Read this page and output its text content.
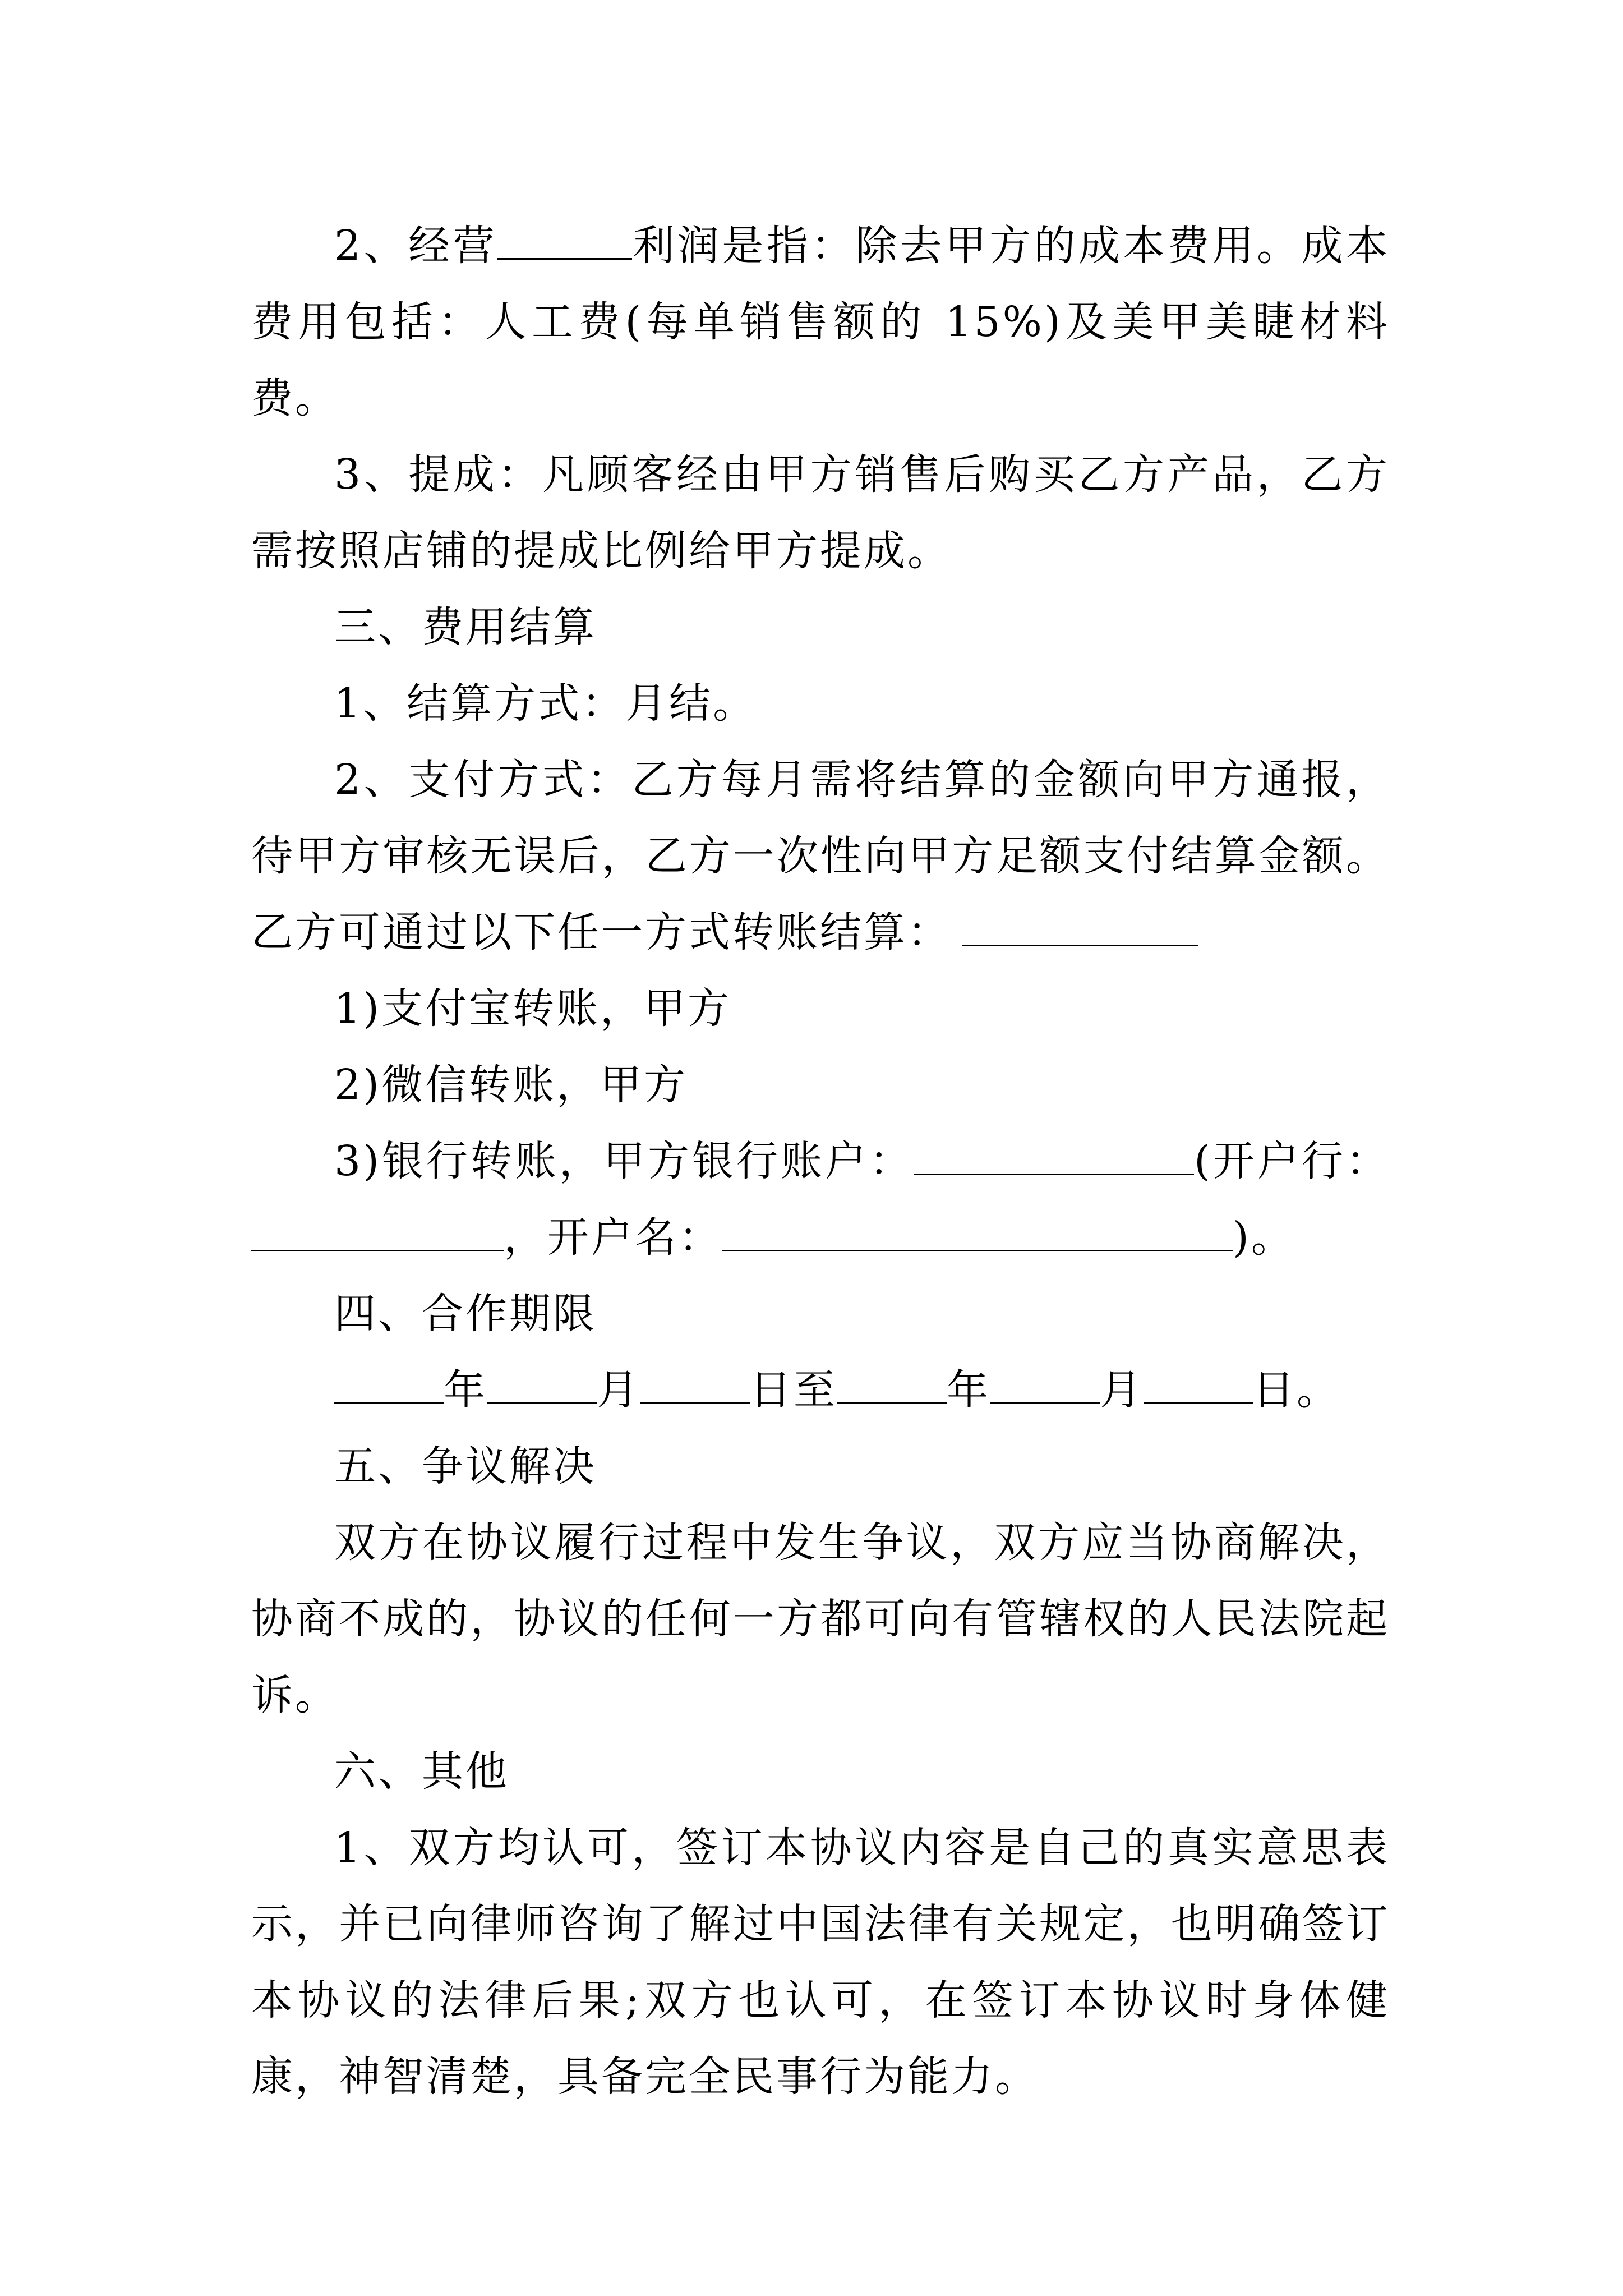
2、经营	利润是指：除去甲方的成本费用。成本费用包括：人工费(每单销售额的 15%)及美甲美睫材料费。

3、提成：凡顾客经由甲方销售后购买乙方产品，乙方需按照店铺的提成比例给甲方提成。

三、费用结算

1、结算方式：月结。

2、支付方式：乙方每月需将结算的金额向甲方通报，待甲方审核无误后，乙方一次性向甲方足额支付结算金额。乙方可通过以下任一方式转账结算：

1)支付宝转账，甲方

2)微信转账，甲方

3)银行转账，甲方银行账户：	(开户行：，开户名：	)。

四、合作期限

年	月	日至	年	月	日。

五、争议解决

双方在协议履行过程中发生争议，双方应当协商解决，协商不成的，协议的任何一方都可向有管辖权的人民法院起诉。

六、其他

1、双方均认可，签订本协议内容是自己的真实意思表示，并已向律师咨询了解过中国法律有关规定，也明确签订本协议的法律后果;双方也认可，在签订本协议时身体健康，神智清楚，具备完全民事行为能力。
